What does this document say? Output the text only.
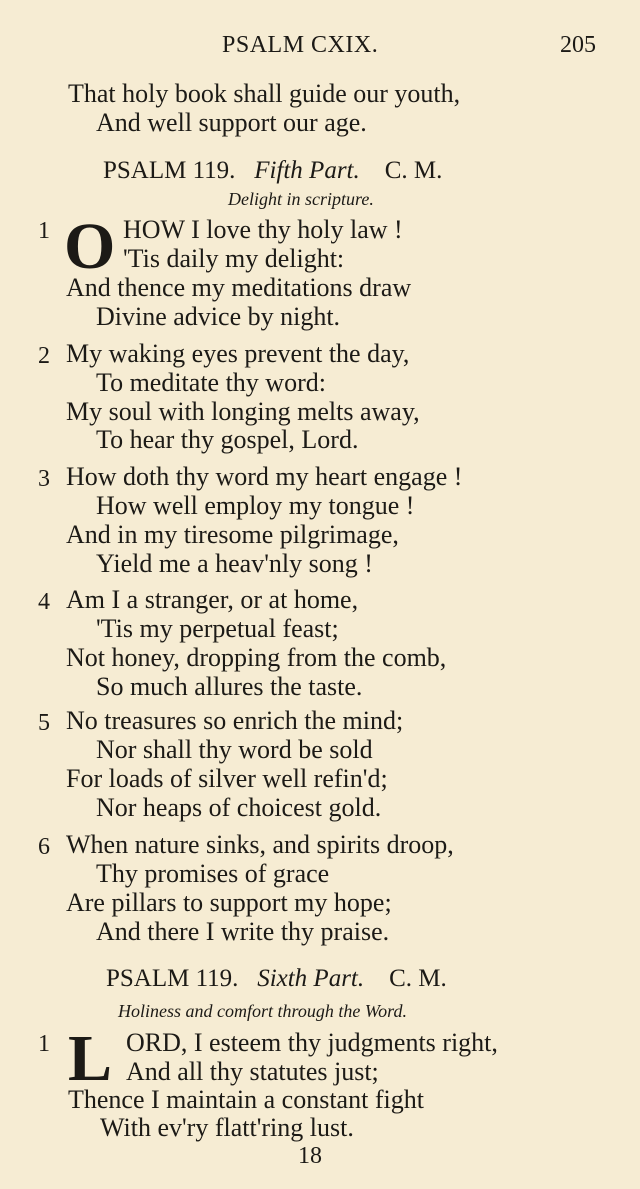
PSALM CXIX.	205
That holy book shall guide our youth,
And well support our age.
PSALM 119. Fifth Part. C. M.
Delight in scripture.
1 O HOW I love thy holy law !
'Tis daily my delight:
And thence my meditations draw
Divine advice by night.
2 My waking eyes prevent the day,
To meditate thy word:
My soul with longing melts away,
To hear thy gospel, Lord.
3 How doth thy word my heart engage !
How well employ my tongue !
And in my tiresome pilgrimage,
Yield me a heav'nly song !
4 Am I a stranger, or at home,
'Tis my perpetual feast;
Not honey, dropping from the comb,
So much allures the taste.
5 No treasures so enrich the mind;
Nor shall thy word be sold
For loads of silver well refin'd;
Nor heaps of choicest gold.
6 When nature sinks, and spirits droop,
Thy promises of grace
Are pillars to support my hope;
And there I write thy praise.
PSALM 119. Sixth Part. C. M.
Holiness and comfort through the Word.
1 L ORD, I esteem thy judgments right,
And all thy statutes just;
Thence I maintain a constant fight
With ev'ry flatt'ring lust.
18
